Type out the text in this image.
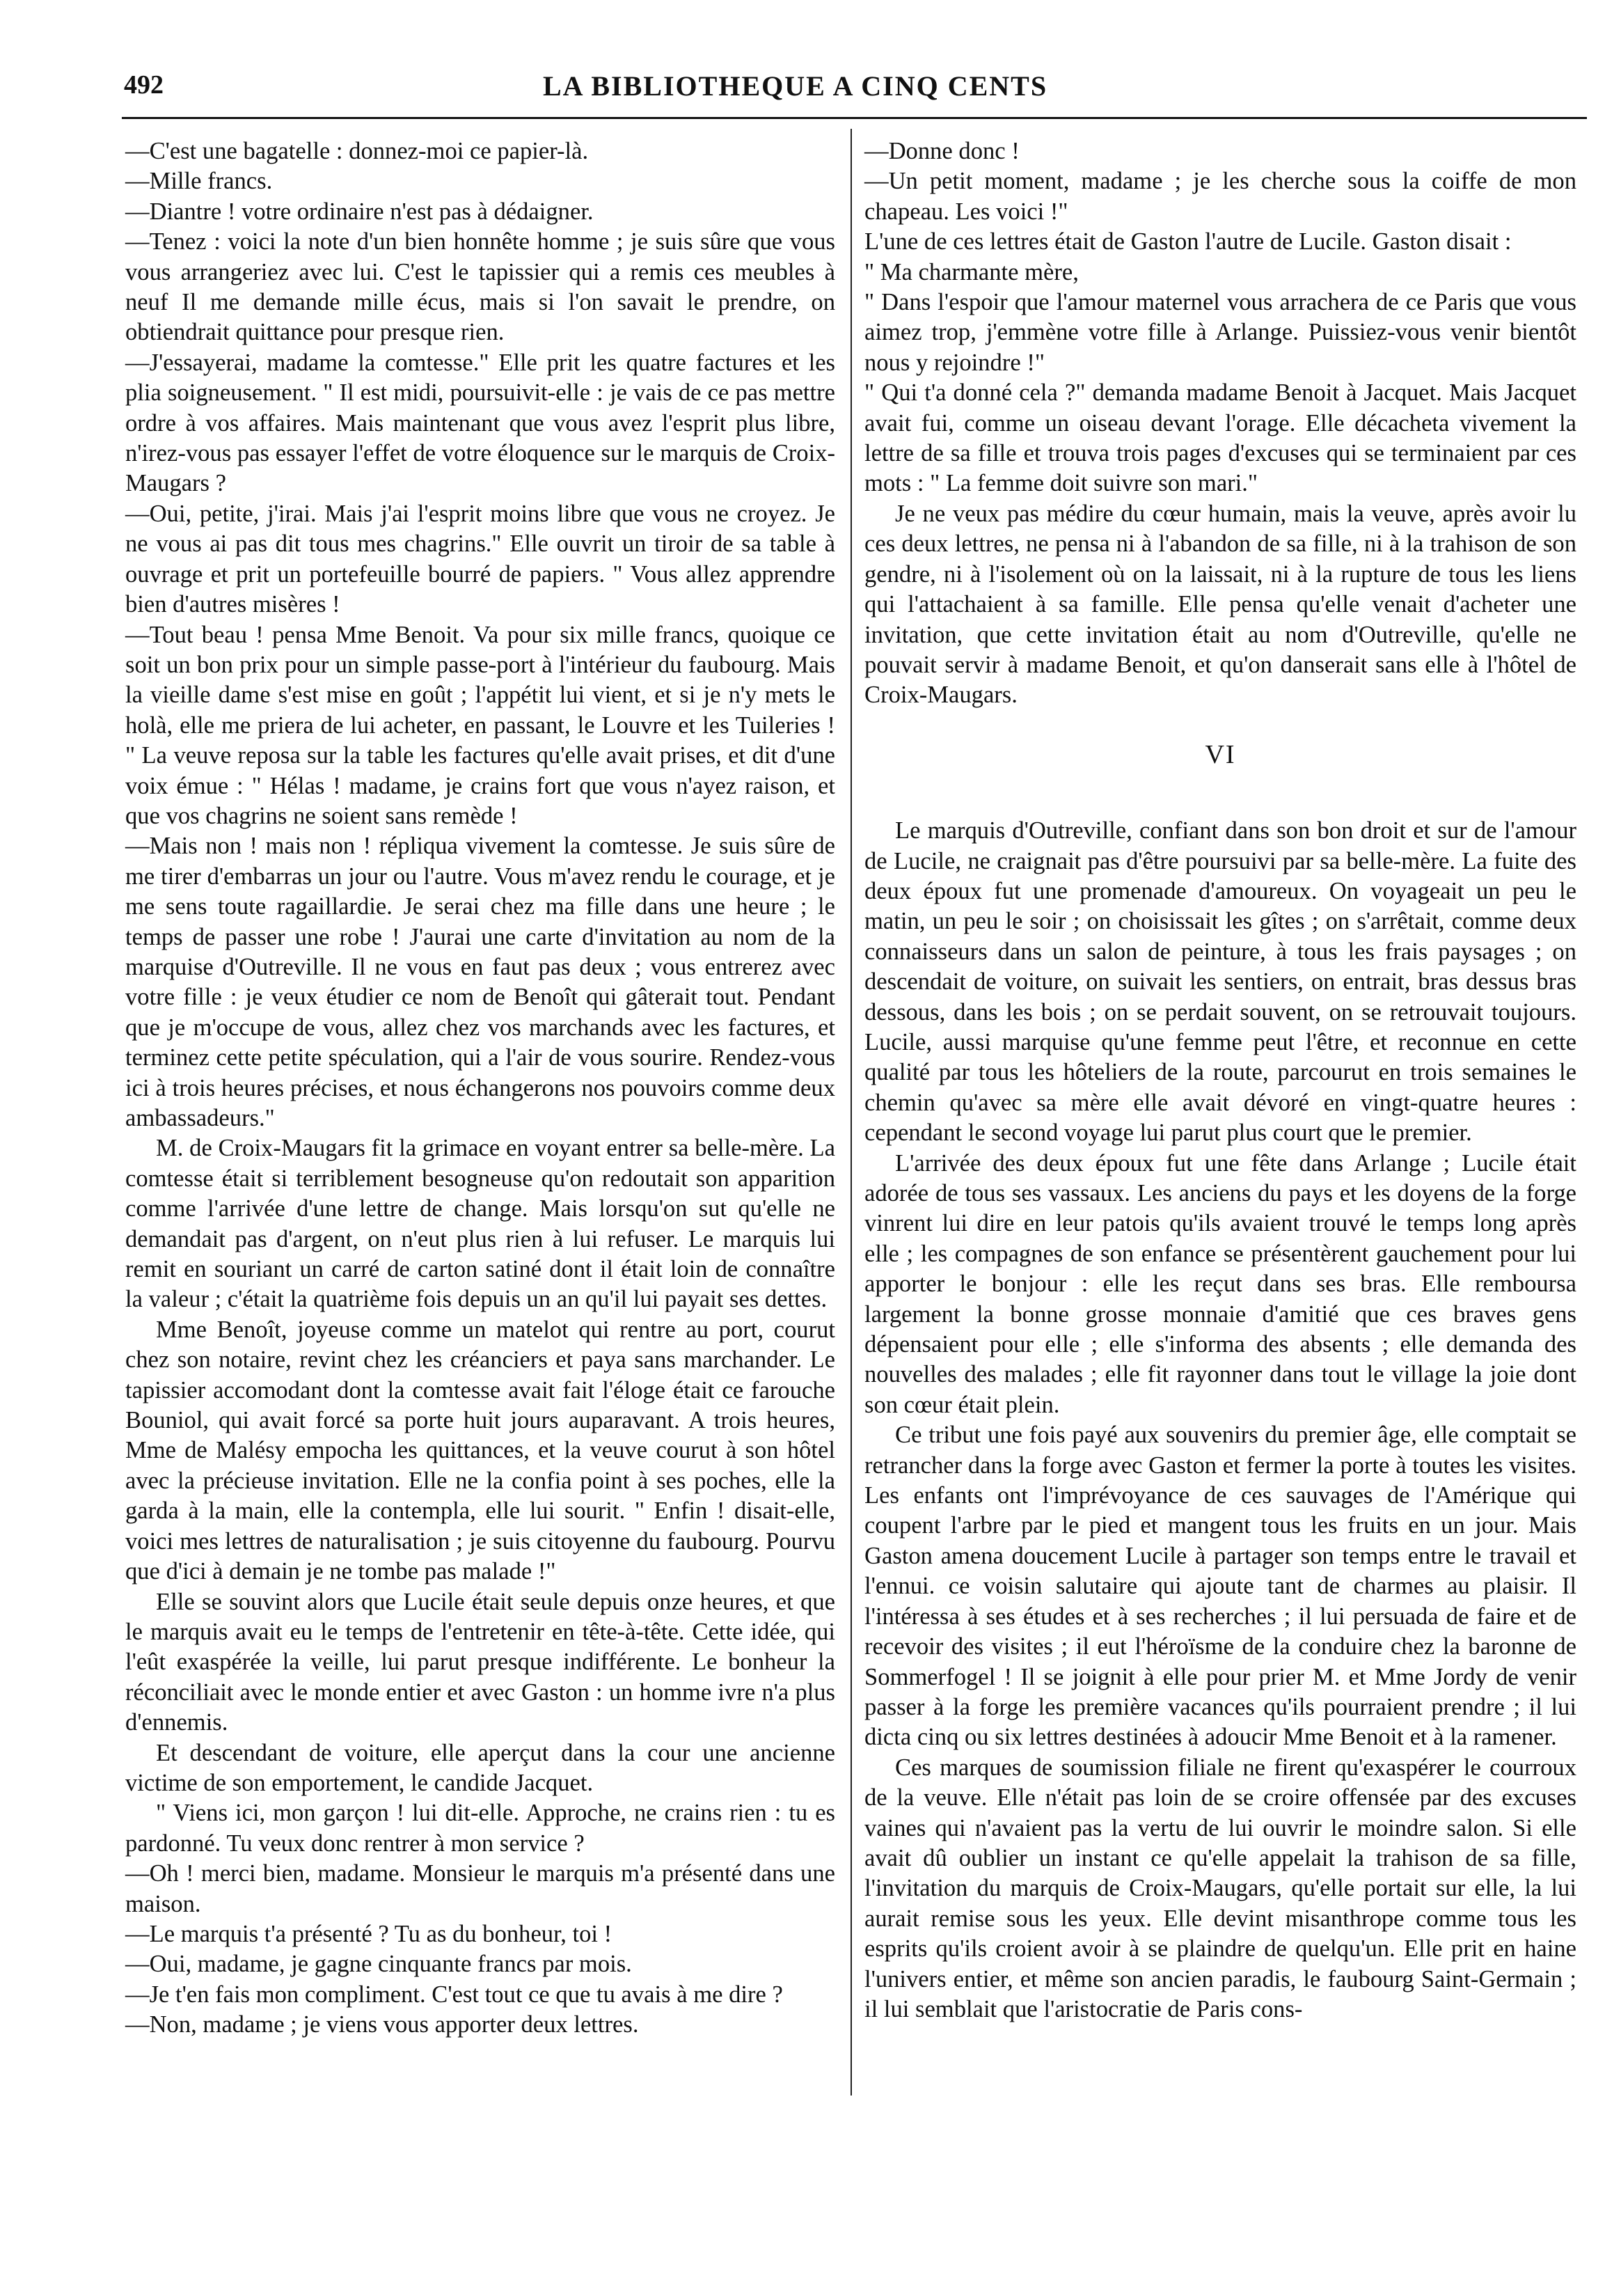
492	LA BIBLIOTHEQUE A CINQ CENTS

—C'est une bagatelle : donnez-moi ce papier-là.

—Mille francs.

—Diantre ! votre ordinaire n'est pas à dédaigner.

—Tenez : voici la note d'un bien honnête homme ; je suis sûre que vous vous arrangeriez avec lui. C'est le tapissier qui a remis ces meubles à neuf Il me demande mille écus, mais si l'on savait le prendre, on obtiendrait quittance pour presque rien.

—J'essayerai, madame la comtesse." Elle prit les quatre factures et les plia soigneusement. " Il est midi, poursuivit-elle : je vais de ce pas mettre ordre à vos affaires. Mais maintenant que vous avez l'esprit plus libre, n'irez-vous pas essayer l'effet de votre éloquence sur le marquis de Croix-Maugars ?

—Oui, petite, j'irai. Mais j'ai l'esprit moins libre que vous ne croyez. Je ne vous ai pas dit tous mes chagrins." Elle ouvrit un tiroir de sa table à ouvrage et prit un portefeuille bourré de papiers. " Vous allez apprendre bien d'autres misères !

—Tout beau ! pensa Mme Benoit. Va pour six mille francs, quoique ce soit un bon prix pour un simple passe-port à l'intérieur du faubourg. Mais la vieille dame s'est mise en goût ; l'appétit lui vient, et si je n'y mets le holà, elle me priera de lui acheter, en passant, le Louvre et les Tuileries ! " La veuve reposa sur la table les factures qu'elle avait prises, et dit d'une voix émue : " Hélas ! madame, je crains fort que vous n'ayez raison, et que vos chagrins ne soient sans remède !

—Mais non ! mais non ! répliqua vivement la comtesse. Je suis sûre de me tirer d'embarras un jour ou l'autre. Vous m'avez rendu le courage, et je me sens toute ragaillardie. Je serai chez ma fille dans une heure ; le temps de passer une robe ! J'aurai une carte d'invitation au nom de la marquise d'Outreville. Il ne vous en faut pas deux ; vous entrerez avec votre fille : je veux étudier ce nom de Benoît qui gâterait tout. Pendant que je m'occupe de vous, allez chez vos marchands avec les factures, et terminez cette petite spéculation, qui a l'air de vous sourire. Rendez-vous ici à trois heures précises, et nous échangerons nos pouvoirs comme deux ambassadeurs."

M. de Croix-Maugars fit la grimace en voyant entrer sa belle-mère. La comtesse était si terriblement besogneuse qu'on redoutait son apparition comme l'arrivée d'une lettre de change. Mais lorsqu'on sut qu'elle ne demandait pas d'argent, on n'eut plus rien à lui refuser. Le marquis lui remit en souriant un carré de carton satiné dont il était loin de connaître la valeur ; c'était la quatrième fois depuis un an qu'il lui payait ses dettes.

Mme Benoît, joyeuse comme un matelot qui rentre au port, courut chez son notaire, revint chez les créanciers et paya sans marchander. Le tapissier accomodant dont la comtesse avait fait l'éloge était ce farouche Bouniol, qui avait forcé sa porte huit jours auparavant. A trois heures, Mme de Malésy empocha les quittances, et la veuve courut à son hôtel avec la précieuse invitation. Elle ne la confia point à ses poches, elle la garda à la main, elle la contempla, elle lui sourit. " Enfin ! disait-elle, voici mes lettres de naturalisation ; je suis citoyenne du faubourg. Pourvu que d'ici à demain je ne tombe pas malade !"

Elle se souvint alors que Lucile était seule depuis onze heures, et que le marquis avait eu le temps de l'entretenir en tête-à-tête. Cette idée, qui l'eût exaspérée la veille, lui parut presque indifférente. Le bonheur la réconciliait avec le monde entier et avec Gaston : un homme ivre n'a plus d'ennemis.

Et descendant de voiture, elle aperçut dans la cour une ancienne victime de son emportement, le candide Jacquet.

" Viens ici, mon garçon ! lui dit-elle. Approche, ne crains rien : tu es pardonné. Tu veux donc rentrer à mon service ?

—Oh ! merci bien, madame. Monsieur le marquis m'a présenté dans une maison.

—Le marquis t'a présenté ? Tu as du bonheur, toi !

—Oui, madame, je gagne cinquante francs par mois.

—Je t'en fais mon compliment. C'est tout ce que tu avais à me dire ?

—Non, madame ; je viens vous apporter deux lettres.

—Donne donc !

—Un petit moment, madame ; je les cherche sous la coiffe de mon chapeau. Les voici !"

L'une de ces lettres était de Gaston l'autre de Lucile. Gaston disait :

" Ma charmante mère,

" Dans l'espoir que l'amour maternel vous arrachera de ce Paris que vous aimez trop, j'emmène votre fille à Arlange. Puissiez-vous venir bientôt nous y rejoindre !"

" Qui t'a donné cela ?" demanda madame Benoit à Jacquet. Mais Jacquet avait fui, comme un oiseau devant l'orage. Elle décacheta vivement la lettre de sa fille et trouva trois pages d'excuses qui se terminaient par ces mots : " La femme doit suivre son mari."

Je ne veux pas médire du cœur humain, mais la veuve, après avoir lu ces deux lettres, ne pensa ni à l'abandon de sa fille, ni à la trahison de son gendre, ni à l'isolement où on la laissait, ni à la rupture de tous les liens qui l'attachaient à sa famille. Elle pensa qu'elle venait d'acheter une invitation, que cette invitation était au nom d'Outreville, qu'elle ne pouvait servir à madame Benoit, et qu'on danserait sans elle à l'hôtel de Croix-Maugars.

VI

Le marquis d'Outreville, confiant dans son bon droit et sur de l'amour de Lucile, ne craignait pas d'être poursuivi par sa belle-mère. La fuite des deux époux fut une promenade d'amoureux. On voyageait un peu le matin, un peu le soir ; on choisissait les gîtes ; on s'arrêtait, comme deux connaisseurs dans un salon de peinture, à tous les frais paysages ; on descendait de voiture, on suivait les sentiers, on entrait, bras dessus bras dessous, dans les bois ; on se perdait souvent, on se retrouvait toujours. Lucile, aussi marquise qu'une femme peut l'être, et reconnue en cette qualité par tous les hôteliers de la route, parcourut en trois semaines le chemin qu'avec sa mère elle avait dévoré en vingt-quatre heures : cependant le second voyage lui parut plus court que le premier.

L'arrivée des deux époux fut une fête dans Arlange ; Lucile était adorée de tous ses vassaux. Les anciens du pays et les doyens de la forge vinrent lui dire en leur patois qu'ils avaient trouvé le temps long après elle ; les compagnes de son enfance se présentèrent gauchement pour lui apporter le bonjour : elle les reçut dans ses bras. Elle remboursa largement la bonne grosse monnaie d'amitié que ces braves gens dépensaient pour elle ; elle s'informa des absents ; elle demanda des nouvelles des malades ; elle fit rayonner dans tout le village la joie dont son cœur était plein.

Ce tribut une fois payé aux souvenirs du premier âge, elle comptait se retrancher dans la forge avec Gaston et fermer la porte à toutes les visites. Les enfants ont l'imprévoyance de ces sauvages de l'Amérique qui coupent l'arbre par le pied et mangent tous les fruits en un jour. Mais Gaston amena doucement Lucile à partager son temps entre le travail et l'ennui. ce voisin salutaire qui ajoute tant de charmes au plaisir. Il l'intéressa à ses études et à ses recherches ; il lui persuada de faire et de recevoir des visites ; il eut l'héroïsme de la conduire chez la baronne de Sommerfogel ! Il se joignit à elle pour prier M. et Mme Jordy de venir passer à la forge les première vacances qu'ils pourraient prendre ; il lui dicta cinq ou six lettres destinées à adoucir Mme Benoit et à la ramener.

Ces marques de soumission filiale ne firent qu'exaspérer le courroux de la veuve. Elle n'était pas loin de se croire offensée par des excuses vaines qui n'avaient pas la vertu de lui ouvrir le moindre salon. Si elle avait dû oublier un instant ce qu'elle appelait la trahison de sa fille, l'invitation du marquis de Croix-Maugars, qu'elle portait sur elle, la lui aurait remise sous les yeux. Elle devint misanthrope comme tous les esprits qu'ils croient avoir à se plaindre de quelqu'un. Elle prit en haine l'univers entier, et même son ancien paradis, le faubourg Saint-Germain ; il lui semblait que l'aristocratie de Paris cons-
